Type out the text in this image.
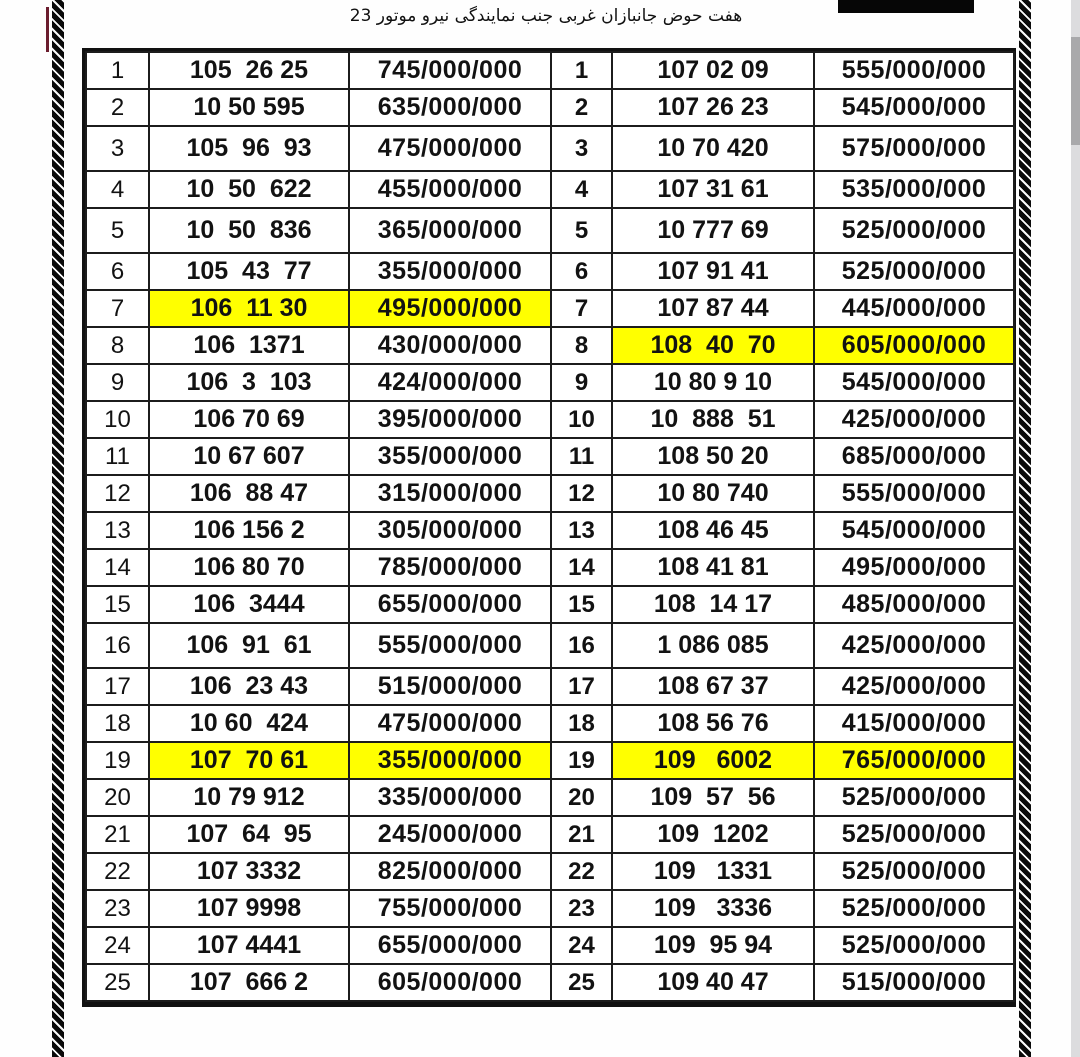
هفت حوض جانبازان غربی جنب نمایندگی نیرو موتور 23
1	105  26 25	745/000/000	1	107 02 09	555/000/000
2	10 50 595	635/000/000	2	107 26 23	545/000/000
3	105  96  93	475/000/000	3	10 70 420	575/000/000
4	10  50  622	455/000/000	4	107 31 61	535/000/000
5	10  50  836	365/000/000	5	10 777 69	525/000/000
6	105  43  77	355/000/000	6	107 91 41	525/000/000
7	106  11 30	495/000/000	7	107 87 44	445/000/000
8	106  1371	430/000/000	8	108  40  70	605/000/000
9	106  3  103	424/000/000	9	10 80 9 10	545/000/000
10	106 70 69	395/000/000	10	10  888  51	425/000/000
11	10 67 607	355/000/000	11	108 50 20	685/000/000
12	106  88 47	315/000/000	12	10 80 740	555/000/000
13	106 156 2	305/000/000	13	108 46 45	545/000/000
14	106 80 70	785/000/000	14	108 41 81	495/000/000
15	106  3444	655/000/000	15	108  14 17	485/000/000
16	106  91  61	555/000/000	16	1 086 085	425/000/000
17	106  23 43	515/000/000	17	108 67 37	425/000/000
18	10 60  424	475/000/000	18	108 56 76	415/000/000
19	107  70 61	355/000/000	19	109   6002	765/000/000
20	10 79 912	335/000/000	20	109  57  56	525/000/000
21	107  64  95	245/000/000	21	109  1202	525/000/000
22	107 3332	825/000/000	22	109   1331	525/000/000
23	107 9998	755/000/000	23	109   3336	525/000/000
24	107 4441	655/000/000	24	109  95 94	525/000/000
25	107  666 2	605/000/000	25	109 40 47	515/000/000
